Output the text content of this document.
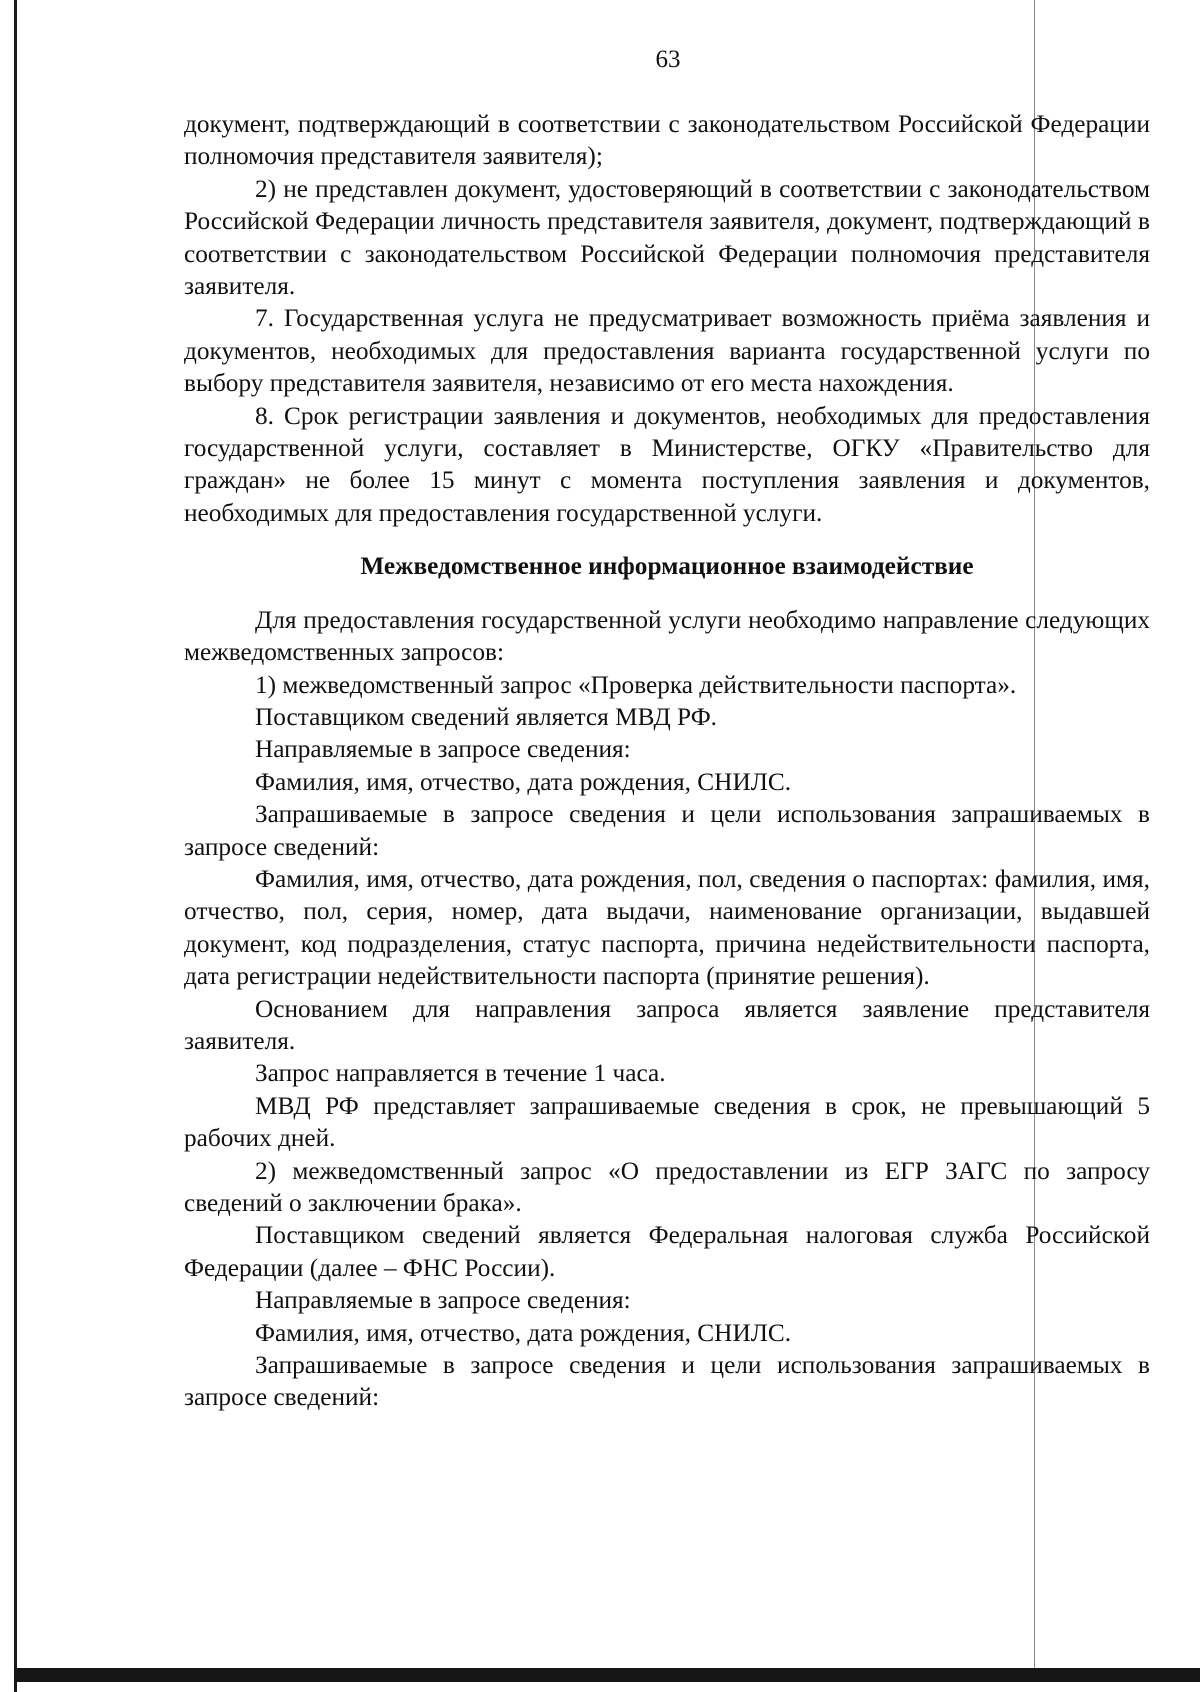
63

документ, подтверждающий в соответствии с законодательством Российской Федерации полномочия представителя заявителя);

2) не представлен документ, удостоверяющий в соответствии с законодательством Российской Федерации личность представителя заявителя, документ, подтверждающий в соответствии с законодательством Российской Федерации полномочия представителя заявителя.

7. Государственная услуга не предусматривает возможность приёма заявления и документов, необходимых для предоставления варианта государственной услуги по выбору представителя заявителя, независимо от его места нахождения.

8. Срок регистрации заявления и документов, необходимых для предоставления государственной услуги, составляет в Министерстве, ОГКУ «Правительство для граждан» не более 15 минут с момента поступления заявления и документов, необходимых для предоставления государственной услуги.

Межведомственное информационное взаимодействие

Для предоставления государственной услуги необходимо направление следующих межведомственных запросов:

1) межведомственный запрос «Проверка действительности паспорта».

Поставщиком сведений является МВД РФ.

Направляемые в запросе сведения:

Фамилия, имя, отчество, дата рождения, СНИЛС.

Запрашиваемые в запросе сведения и цели использования запрашиваемых в запросе сведений:

Фамилия, имя, отчество, дата рождения, пол, сведения о паспортах: фамилия, имя, отчество, пол, серия, номер, дата выдачи, наименование организации, выдавшей документ, код подразделения, статус паспорта, причина недействительности паспорта, дата регистрации недействительности паспорта (принятие решения).

Основанием для направления запроса является заявление представителя заявителя.

Запрос направляется в течение 1 часа.

МВД РФ представляет запрашиваемые сведения в срок, не превышающий 5 рабочих дней.

2) межведомственный запрос «О предоставлении из ЕГР ЗАГС по запросу сведений о заключении брака».

Поставщиком сведений является Федеральная налоговая служба Российской Федерации (далее – ФНС России).

Направляемые в запросе сведения:

Фамилия, имя, отчество, дата рождения, СНИЛС.

Запрашиваемые в запросе сведения и цели использования запрашиваемых в запросе сведений:
